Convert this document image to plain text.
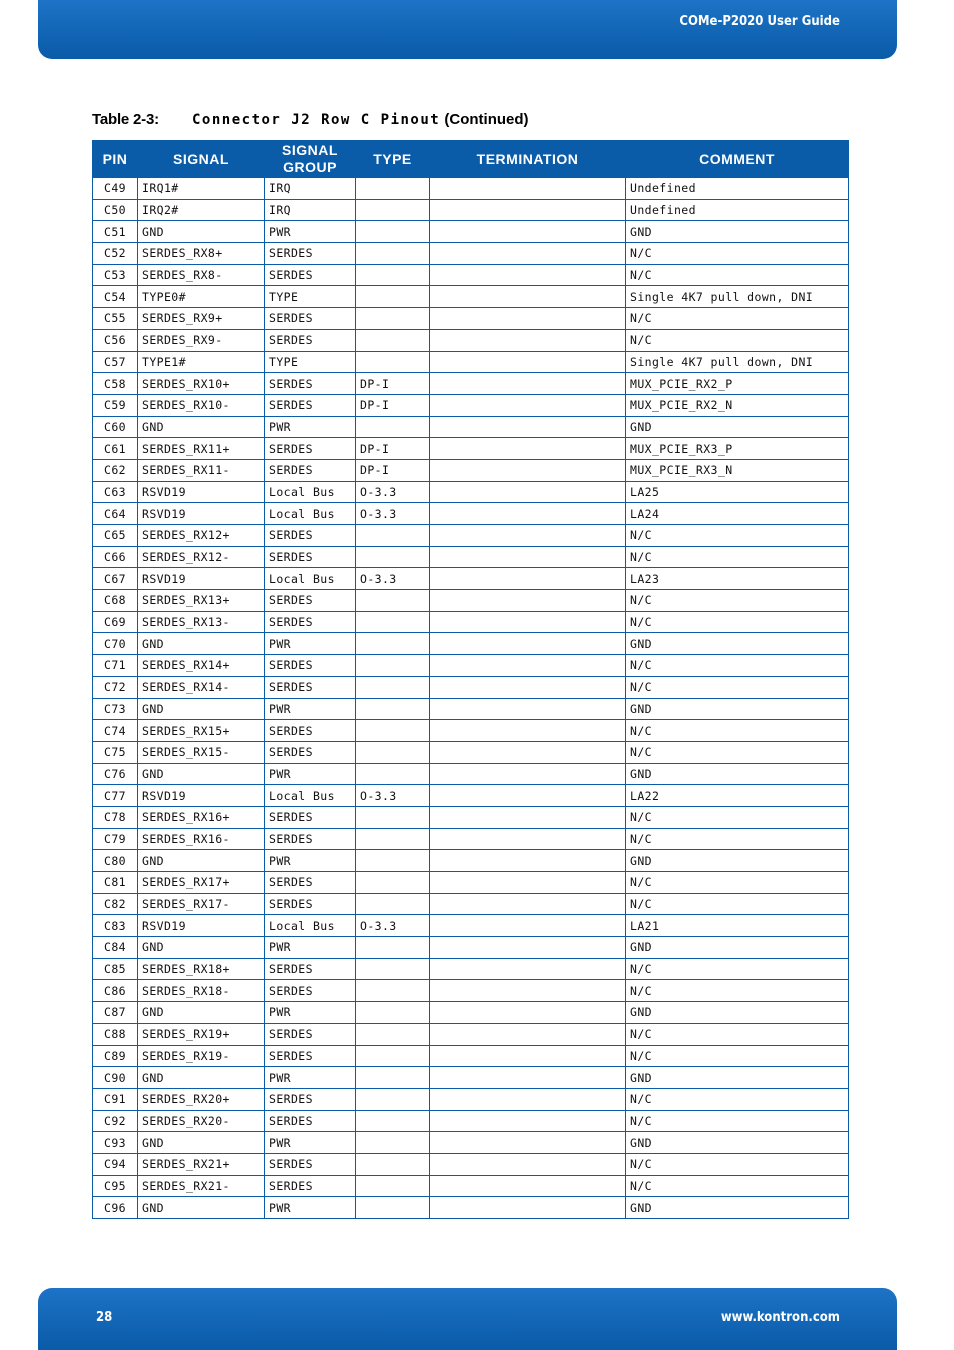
COMe-P2020 User Guide
Table 2-3: Connector J2 Row C Pinout (Continued)
PIN	SIGNAL	SIGNAL GROUP	TYPE	TERMINATION	COMMENT
C49	IRQ1#	IRQ			Undefined
C50	IRQ2#	IRQ			Undefined
C51	GND	PWR			GND
C52	SERDES_RX8+	SERDES			N/C
C53	SERDES_RX8-	SERDES			N/C
C54	TYPE0#	TYPE			Single 4K7 pull down, DNI
C55	SERDES_RX9+	SERDES			N/C
C56	SERDES_RX9-	SERDES			N/C
C57	TYPE1#	TYPE			Single 4K7 pull down, DNI
C58	SERDES_RX10+	SERDES	DP-I		MUX_PCIE_RX2_P
C59	SERDES_RX10-	SERDES	DP-I		MUX_PCIE_RX2_N
C60	GND	PWR			GND
C61	SERDES_RX11+	SERDES	DP-I		MUX_PCIE_RX3_P
C62	SERDES_RX11-	SERDES	DP-I		MUX_PCIE_RX3_N
C63	RSVD19	Local Bus	O-3.3		LA25
C64	RSVD19	Local Bus	O-3.3		LA24
C65	SERDES_RX12+	SERDES			N/C
C66	SERDES_RX12-	SERDES			N/C
C67	RSVD19	Local Bus	O-3.3		LA23
C68	SERDES_RX13+	SERDES			N/C
C69	SERDES_RX13-	SERDES			N/C
C70	GND	PWR			GND
C71	SERDES_RX14+	SERDES			N/C
C72	SERDES_RX14-	SERDES			N/C
C73	GND	PWR			GND
C74	SERDES_RX15+	SERDES			N/C
C75	SERDES_RX15-	SERDES			N/C
C76	GND	PWR			GND
C77	RSVD19	Local Bus	O-3.3		LA22
C78	SERDES_RX16+	SERDES			N/C
C79	SERDES_RX16-	SERDES			N/C
C80	GND	PWR			GND
C81	SERDES_RX17+	SERDES			N/C
C82	SERDES_RX17-	SERDES			N/C
C83	RSVD19	Local Bus	O-3.3		LA21
C84	GND	PWR			GND
C85	SERDES_RX18+	SERDES			N/C
C86	SERDES_RX18-	SERDES			N/C
C87	GND	PWR			GND
C88	SERDES_RX19+	SERDES			N/C
C89	SERDES_RX19-	SERDES			N/C
C90	GND	PWR			GND
C91	SERDES_RX20+	SERDES			N/C
C92	SERDES_RX20-	SERDES			N/C
C93	GND	PWR			GND
C94	SERDES_RX21+	SERDES			N/C
C95	SERDES_RX21-	SERDES			N/C
C96	GND	PWR			GND
28	www.kontron.com
